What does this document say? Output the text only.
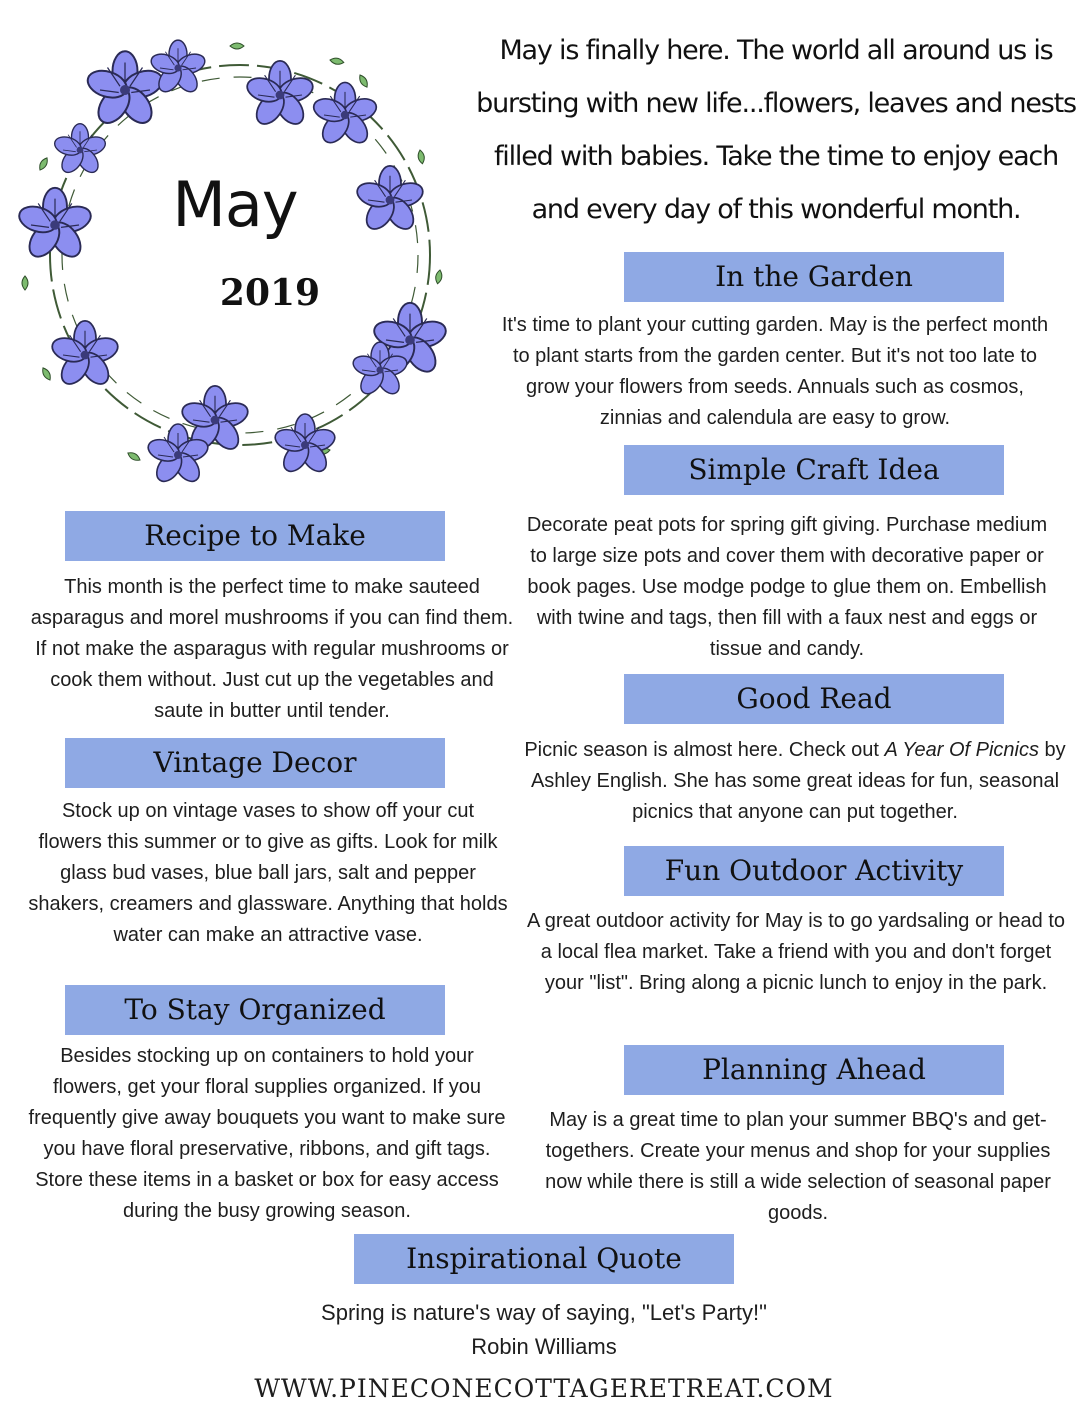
May
2019
May is finally here. The world all around us is bursting with new life...flowers, leaves and nests filled with babies. Take the time to enjoy each and every day of this wonderful month.
In the Garden
It's time to plant your cutting garden. May is the perfect month to plant starts from the garden center. But it's not too late to grow your flowers from seeds. Annuals such as cosmos, zinnias and calendula are easy to grow.
Simple Craft Idea
Decorate peat pots for spring gift giving. Purchase medium to large size pots and cover them with decorative paper or book pages. Use modge podge to glue them on. Embellish with twine and tags, then fill with a faux nest and eggs or tissue and candy.
Good Read
Picnic season is almost here. Check out A Year Of Picnics by Ashley English. She has some great ideas for fun, seasonal picnics that anyone can put together.
Fun Outdoor Activity
A great outdoor activity for May is to go yardsaling or head to a local flea market. Take a friend with you and don't forget your "list". Bring along a picnic lunch to enjoy in the park.
Planning Ahead
May is a great time to plan your summer BBQ's and get-togethers. Create your menus and shop for your supplies now while there is still a wide selection of seasonal paper goods.
Recipe to Make
This month is the perfect time to make sauteed asparagus and morel mushrooms if you can find them. If not make the asparagus with regular mushrooms or cook them without. Just cut up the vegetables and saute in butter until tender.
Vintage Decor
Stock up on vintage vases to show off your cut flowers this summer or to give as gifts. Look for milk glass bud vases, blue ball jars, salt and pepper shakers, creamers and glassware. Anything that holds water can make an attractive vase.
To Stay Organized
Besides stocking up on containers to hold your flowers, get your floral supplies organized. If you frequently give away bouquets you want to make sure you have floral preservative, ribbons, and gift tags. Store these items in a basket or box for easy access during the busy growing season.
Inspirational Quote
Spring is nature's way of saying, "Let's Party!"
Robin Williams
WWW.PINECONECOTTAGERETREAT.COM
